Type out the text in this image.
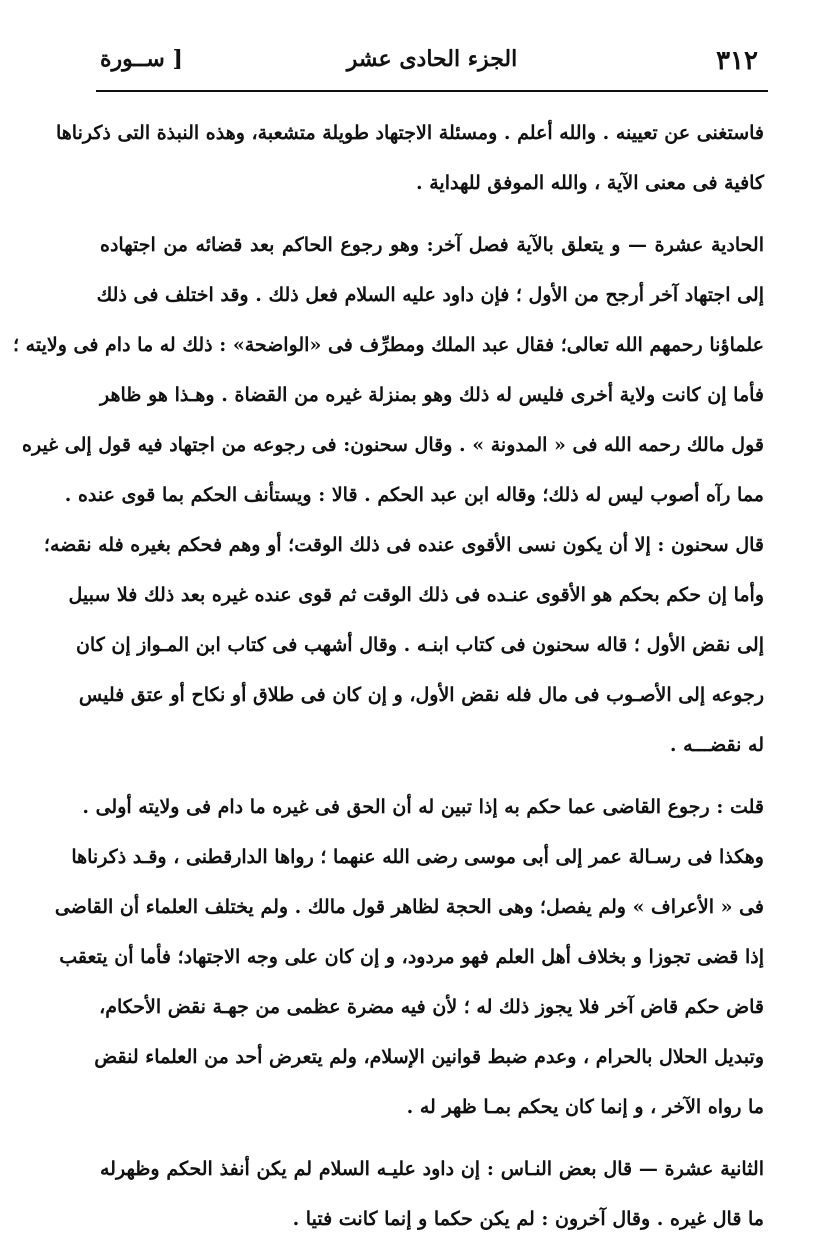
٣١٢
الجزء الحادى عشر
[ ســورة
فاستغنى عن تعيينه . والله أعلم . ومسئلة الاجتهاد طويلة متشعبة، وهذه النبذة التى ذكرناها
كافية فى معنى الآية ، والله الموفق للهداية .
الحادية عشرة — و يتعلق بالآية فصل آخر: وهو رجوع الحاكم بعد قضائه من اجتهاده
إلى اجتهاد آخر أرجح من الأول ؛ فإن داود عليه السلام فعل ذلك . وقد اختلف فى ذلك
علماؤنا رحمهم الله تعالى؛ فقال عبد الملك ومطرِّف فى «الواضحة» : ذلك له ما دام فى ولايته ؛
فأما إن كانت ولاية أخرى فليس له ذلك وهو بمنزلة غيره من القضاة . وهـذا هو ظاهر
قول مالك رحمه الله فى « المدونة » . وقال سحنون: فى رجوعه من اجتهاد فيه قول إلى غيره
مما رآه أصوب ليس له ذلك؛ وقاله ابن عبد الحكم . قالا : ويستأنف الحكم بما قوى عنده .
قال سحنون : إلا أن يكون نسى الأقوى عنده فى ذلك الوقت؛ أو وهم فحكم بغيره فله نقضه؛
وأما إن حكم بحكم هو الأقوى عنـده فى ذلك الوقت ثم قوى عنده غيره بعد ذلك فلا سبيل
إلى نقض الأول ؛ قاله سحنون فى كتاب ابنـه . وقال أشهب فى كتاب ابن المـواز إن كان
رجوعه إلى الأصـوب فى مال فله نقض الأول، و إن كان فى طلاق أو نكاح أو عتق فليس
له نقضـــه .
قلت : رجوع القاضى عما حكم به إذا تبين له أن الحق فى غيره ما دام فى ولايته أولى .
وهكذا فى رسـالة عمر إلى أبى موسى رضى الله عنهما ؛ رواها الدارقطنى ، وقـد ذكرناها
فى « الأعراف » ولم يفصل؛ وهى الحجة لظاهر قول مالك . ولم يختلف العلماء أن القاضى
إذا قضى تجوزا و بخلاف أهل العلم فهو مردود، و إن كان على وجه الاجتهاد؛ فأما أن يتعقب
قاض حكم قاض آخر فلا يجوز ذلك له ؛ لأن فيه مضرة عظمى من جهـة نقض الأحكام،
وتبديل الحلال بالحرام ، وعدم ضبط قوانين الإسلام، ولم يتعرض أحد من العلماء لنقض
ما رواه الآخر ، و إنما كان يحكم بمـا ظهر له .
الثانية عشرة — قال بعض النـاس : إن داود عليـه السلام لم يكن أنفذ الحكم وظهرله
ما قال غيره . وقال آخرون : لم يكن حكما و إنما كانت فتيا .
